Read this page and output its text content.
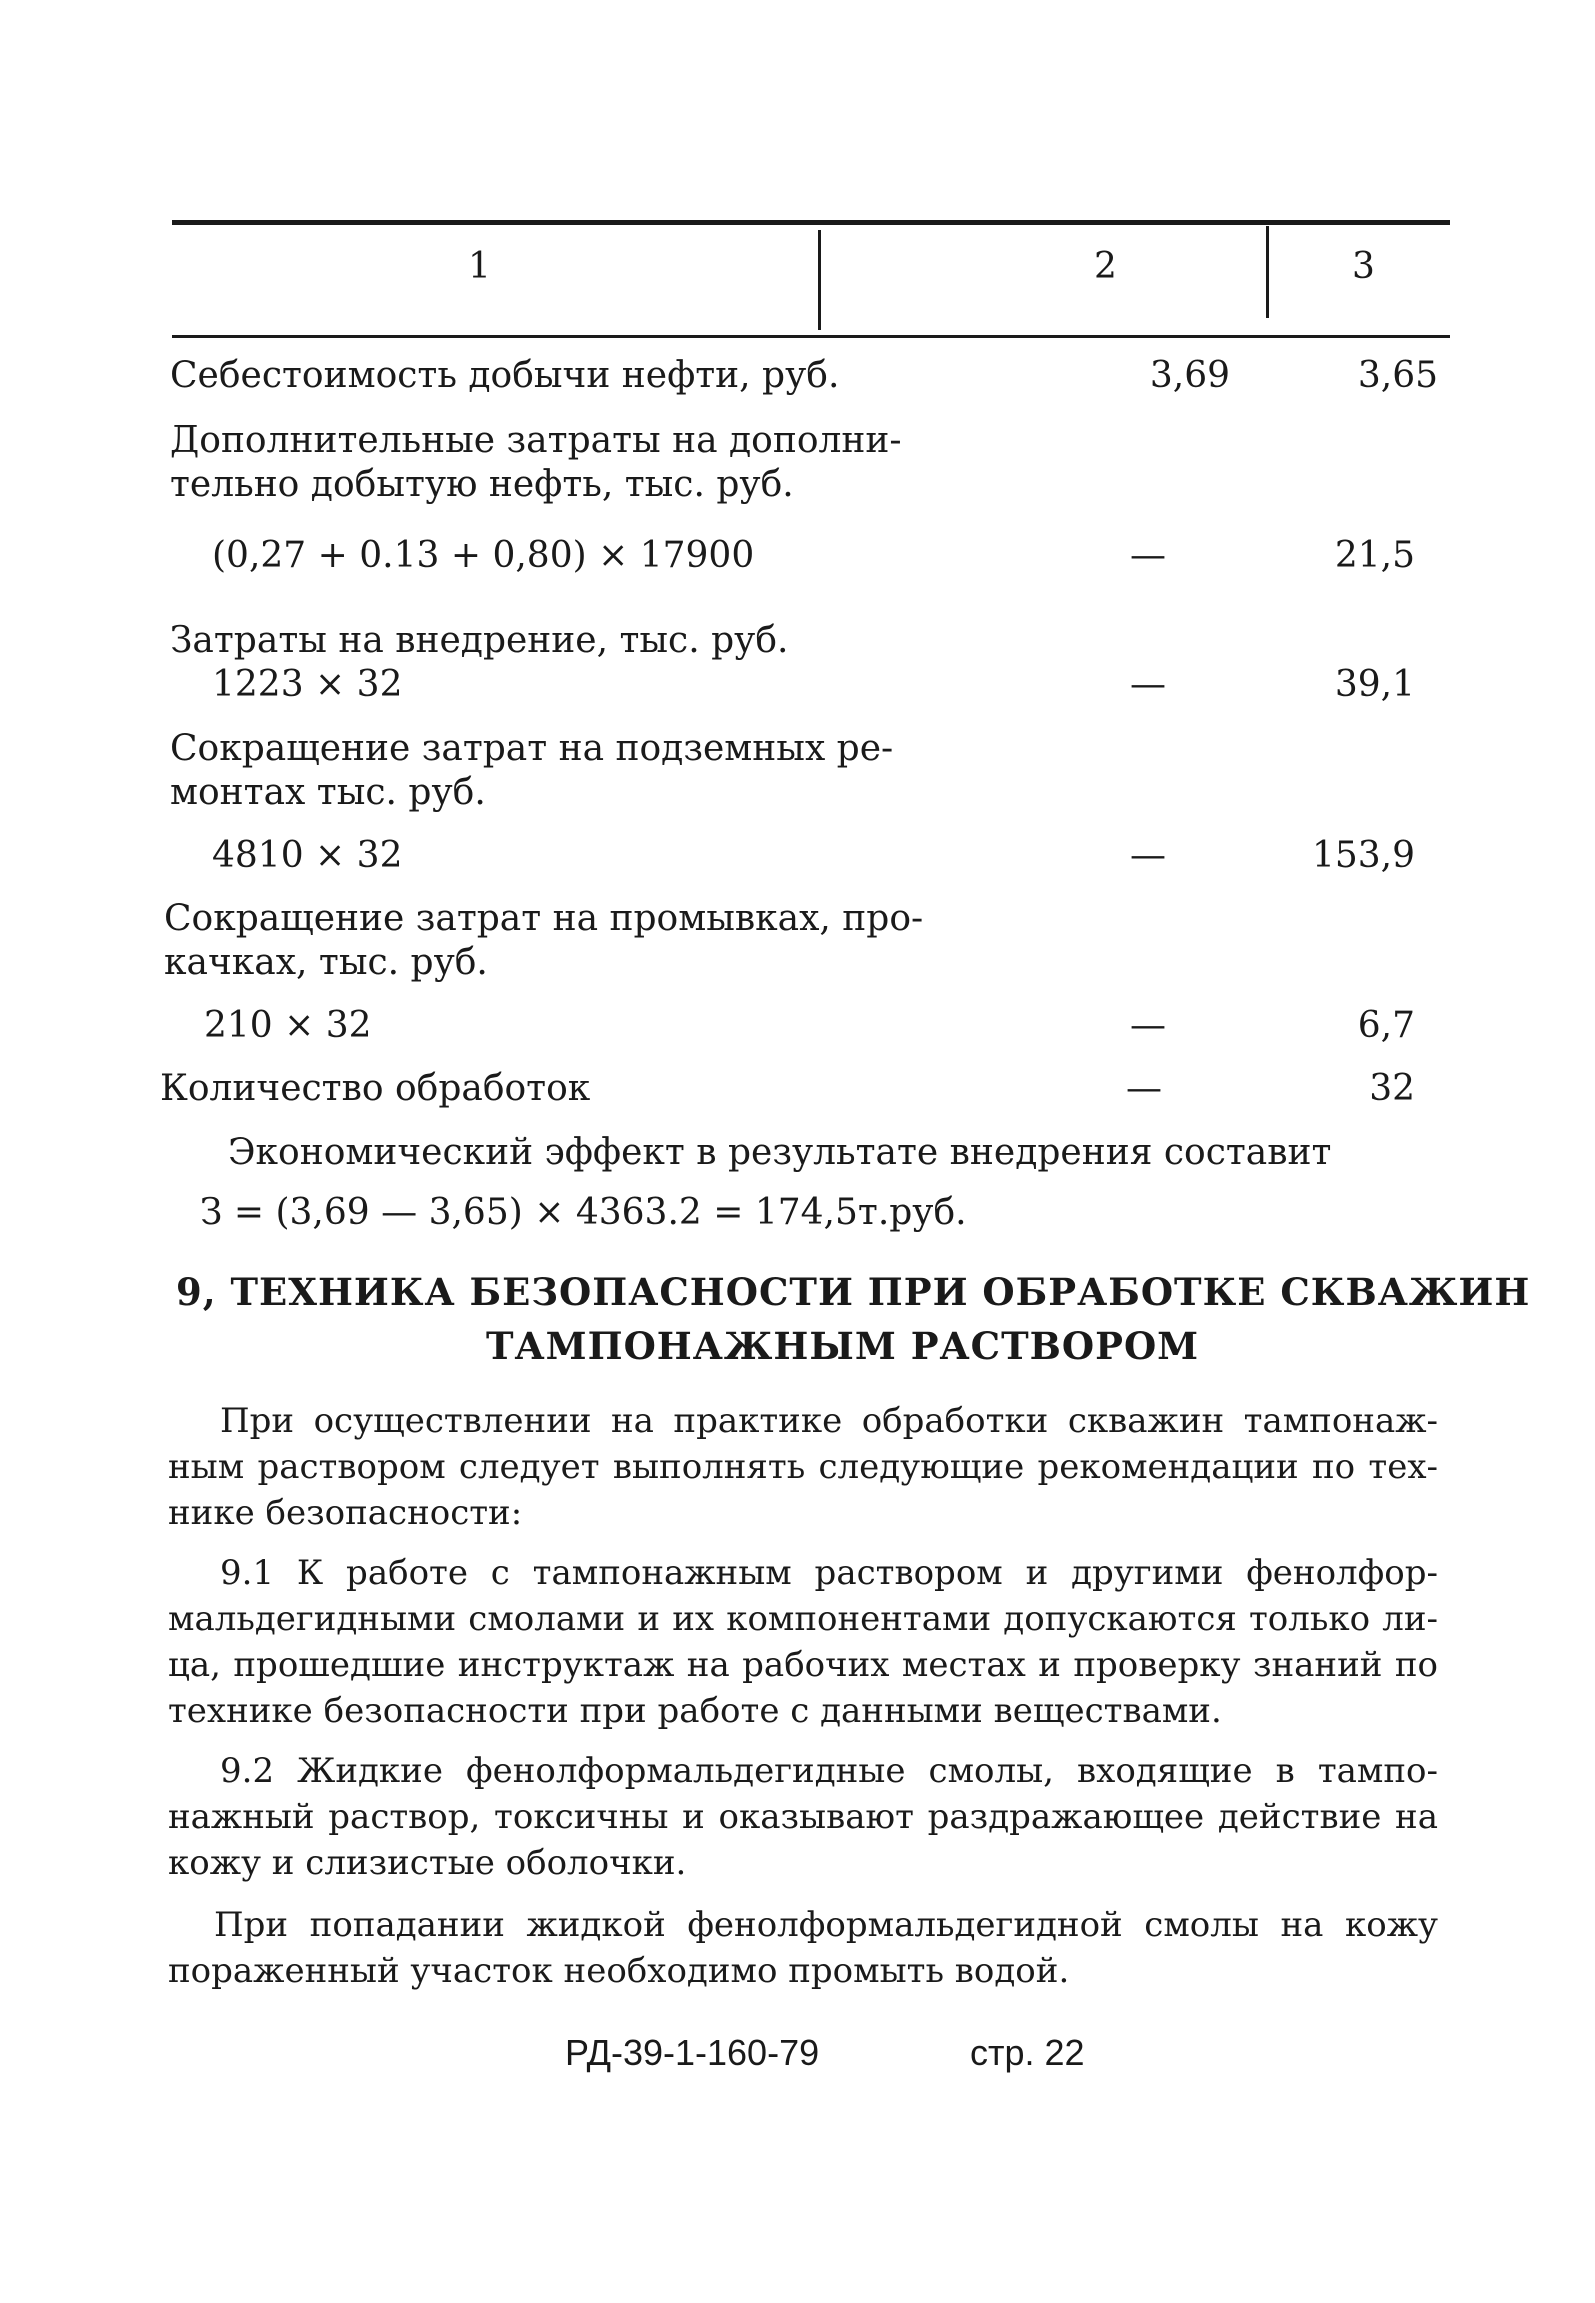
1	2	3
Себестоимость добычи нефти, руб.	3,69	3,65
Дополнительные затраты на дополни-
тельно добытую нефть, тыс. руб.
(0,27 + 0.13 + 0,80) × 17900	—	21,5
Затраты на внедрение, тыс. руб.
1223 × 32	—	39,1
Сокращение затрат на подземных ре-
монтах тыс. руб.
4810 × 32	—	153,9
Сокращение затрат на промывках, про-
качках, тыс. руб.
210 × 32	—	6,7
Количество обработок	—	32
Экономический эффект в результате внедрения составит
З = (3,69 — 3,65) × 4363.2 = 174,5т.руб.
9, ТЕХНИКА БЕЗОПАСНОСТИ ПРИ ОБРАБОТКЕ СКВАЖИН
ТАМПОНАЖНЫМ РАСТВОРОМ
При осуществлении на практике обработки скважин тампонаж- ным раствором следует выполнять следующие рекомендации по тех- нике безопасности:
9.1 К работе с тампонажным раствором и другими фенолфор- мальдегидными смолами и их компонентами допускаются только ли- ца, прошедшие инструктаж на рабочих местах и проверку знаний по технике безопасности при работе с данными веществами.
9.2 Жидкие фенолформальдегидные смолы, входящие в тампо- нажный раствор, токсичны и оказывают раздражающее действие на кожу и слизистые оболочки.
При попадании жидкой фенолформальдегидной смолы на кожу пораженный участок необходимо промыть водой.
РД-39-1-160-79	стр. 22
